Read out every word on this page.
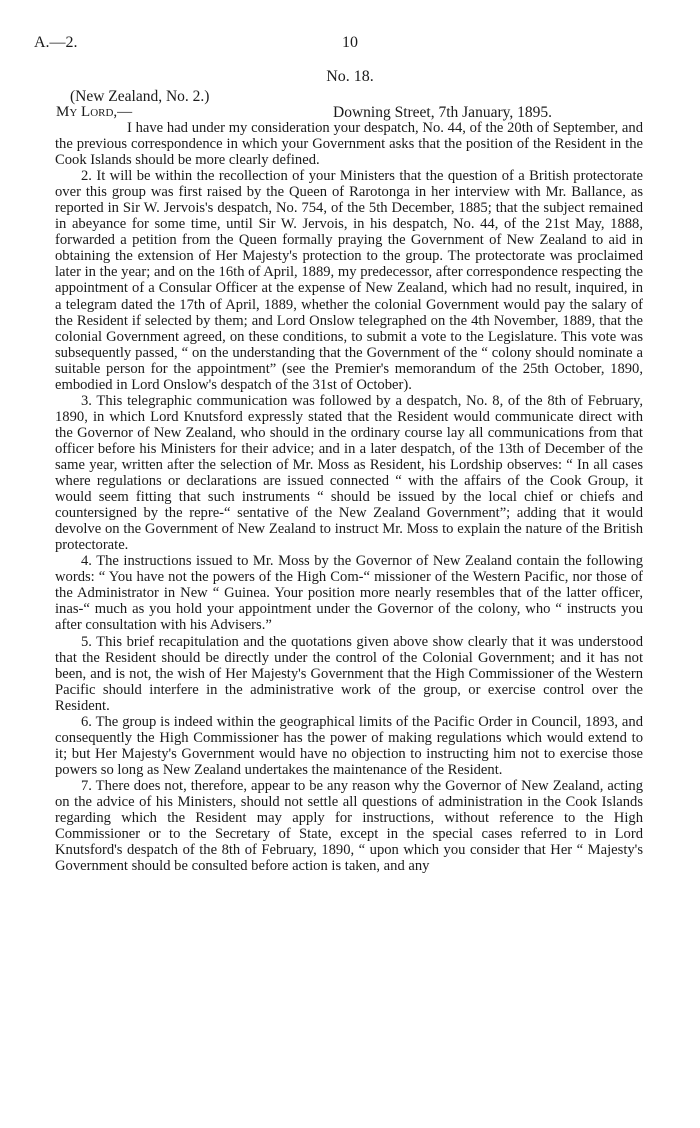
A.—2.	10
No. 18.
(New Zealand, No. 2.)
My Lord,—	Downing Street, 7th January, 1895.

I have had under my consideration your despatch, No. 44, of the 20th of September, and the previous correspondence in which your Government asks that the position of the Resident in the Cook Islands should be more clearly defined.

2. It will be within the recollection of your Ministers that the question of a British protectorate over this group was first raised by the Queen of Rarotonga in her interview with Mr. Ballance, as reported in Sir W. Jervois's despatch, No. 754, of the 5th December, 1885; that the subject remained in abeyance for some time, until Sir W. Jervois, in his despatch, No. 44, of the 21st May, 1888, forwarded a petition from the Queen formally praying the Government of New Zealand to aid in obtaining the extension of Her Majesty's protection to the group. The protectorate was proclaimed later in the year; and on the 16th of April, 1889, my predecessor, after correspondence respecting the appointment of a Consular Officer at the expense of New Zealand, which had no result, inquired, in a telegram dated the 17th of April, 1889, whether the colonial Government would pay the salary of the Resident if selected by them; and Lord Onslow telegraphed on the 4th November, 1889, that the colonial Government agreed, on these conditions, to submit a vote to the Legislature. This vote was subsequently passed, “ on the understanding that the Government of the “ colony should nominate a suitable person for the appointment” (see the Premier's memorandum of the 25th October, 1890, embodied in Lord Onslow's despatch of the 31st of October).

3. This telegraphic communication was followed by a despatch, No. 8, of the 8th of February, 1890, in which Lord Knutsford expressly stated that the Resident would communicate direct with the Governor of New Zealand, who should in the ordinary course lay all communications from that officer before his Ministers for their advice; and in a later despatch, of the 13th of December of the same year, written after the selection of Mr. Moss as Resident, his Lordship observes: “ In all cases where regulations or declarations are issued connected “ with the affairs of the Cook Group, it would seem fitting that such instruments “ should be issued by the local chief or chiefs and countersigned by the repre-“ sentative of the New Zealand Government”; adding that it would devolve on the Government of New Zealand to instruct Mr. Moss to explain the nature of the British protectorate.

4. The instructions issued to Mr. Moss by the Governor of New Zealand contain the following words: “ You have not the powers of the High Com-“ missioner of the Western Pacific, nor those of the Administrator in New “ Guinea. Your position more nearly resembles that of the latter officer, inas-“ much as you hold your appointment under the Governor of the colony, who “ instructs you after consultation with his Advisers.”

5. This brief recapitulation and the quotations given above show clearly that it was understood that the Resident should be directly under the control of the Colonial Government; and it has not been, and is not, the wish of Her Majesty's Government that the High Commissioner of the Western Pacific should interfere in the administrative work of the group, or exercise control over the Resident.

6. The group is indeed within the geographical limits of the Pacific Order in Council, 1893, and consequently the High Commissioner has the power of making regulations which would extend to it; but Her Majesty's Government would have no objection to instructing him not to exercise those powers so long as New Zealand undertakes the maintenance of the Resident.

7. There does not, therefore, appear to be any reason why the Governor of New Zealand, acting on the advice of his Ministers, should not settle all questions of administration in the Cook Islands regarding which the Resident may apply for instructions, without reference to the High Commissioner or to the Secretary of State, except in the special cases referred to in Lord Knutsford's despatch of the 8th of February, 1890, “ upon which you consider that Her “ Majesty's Government should be consulted before action is taken, and any
